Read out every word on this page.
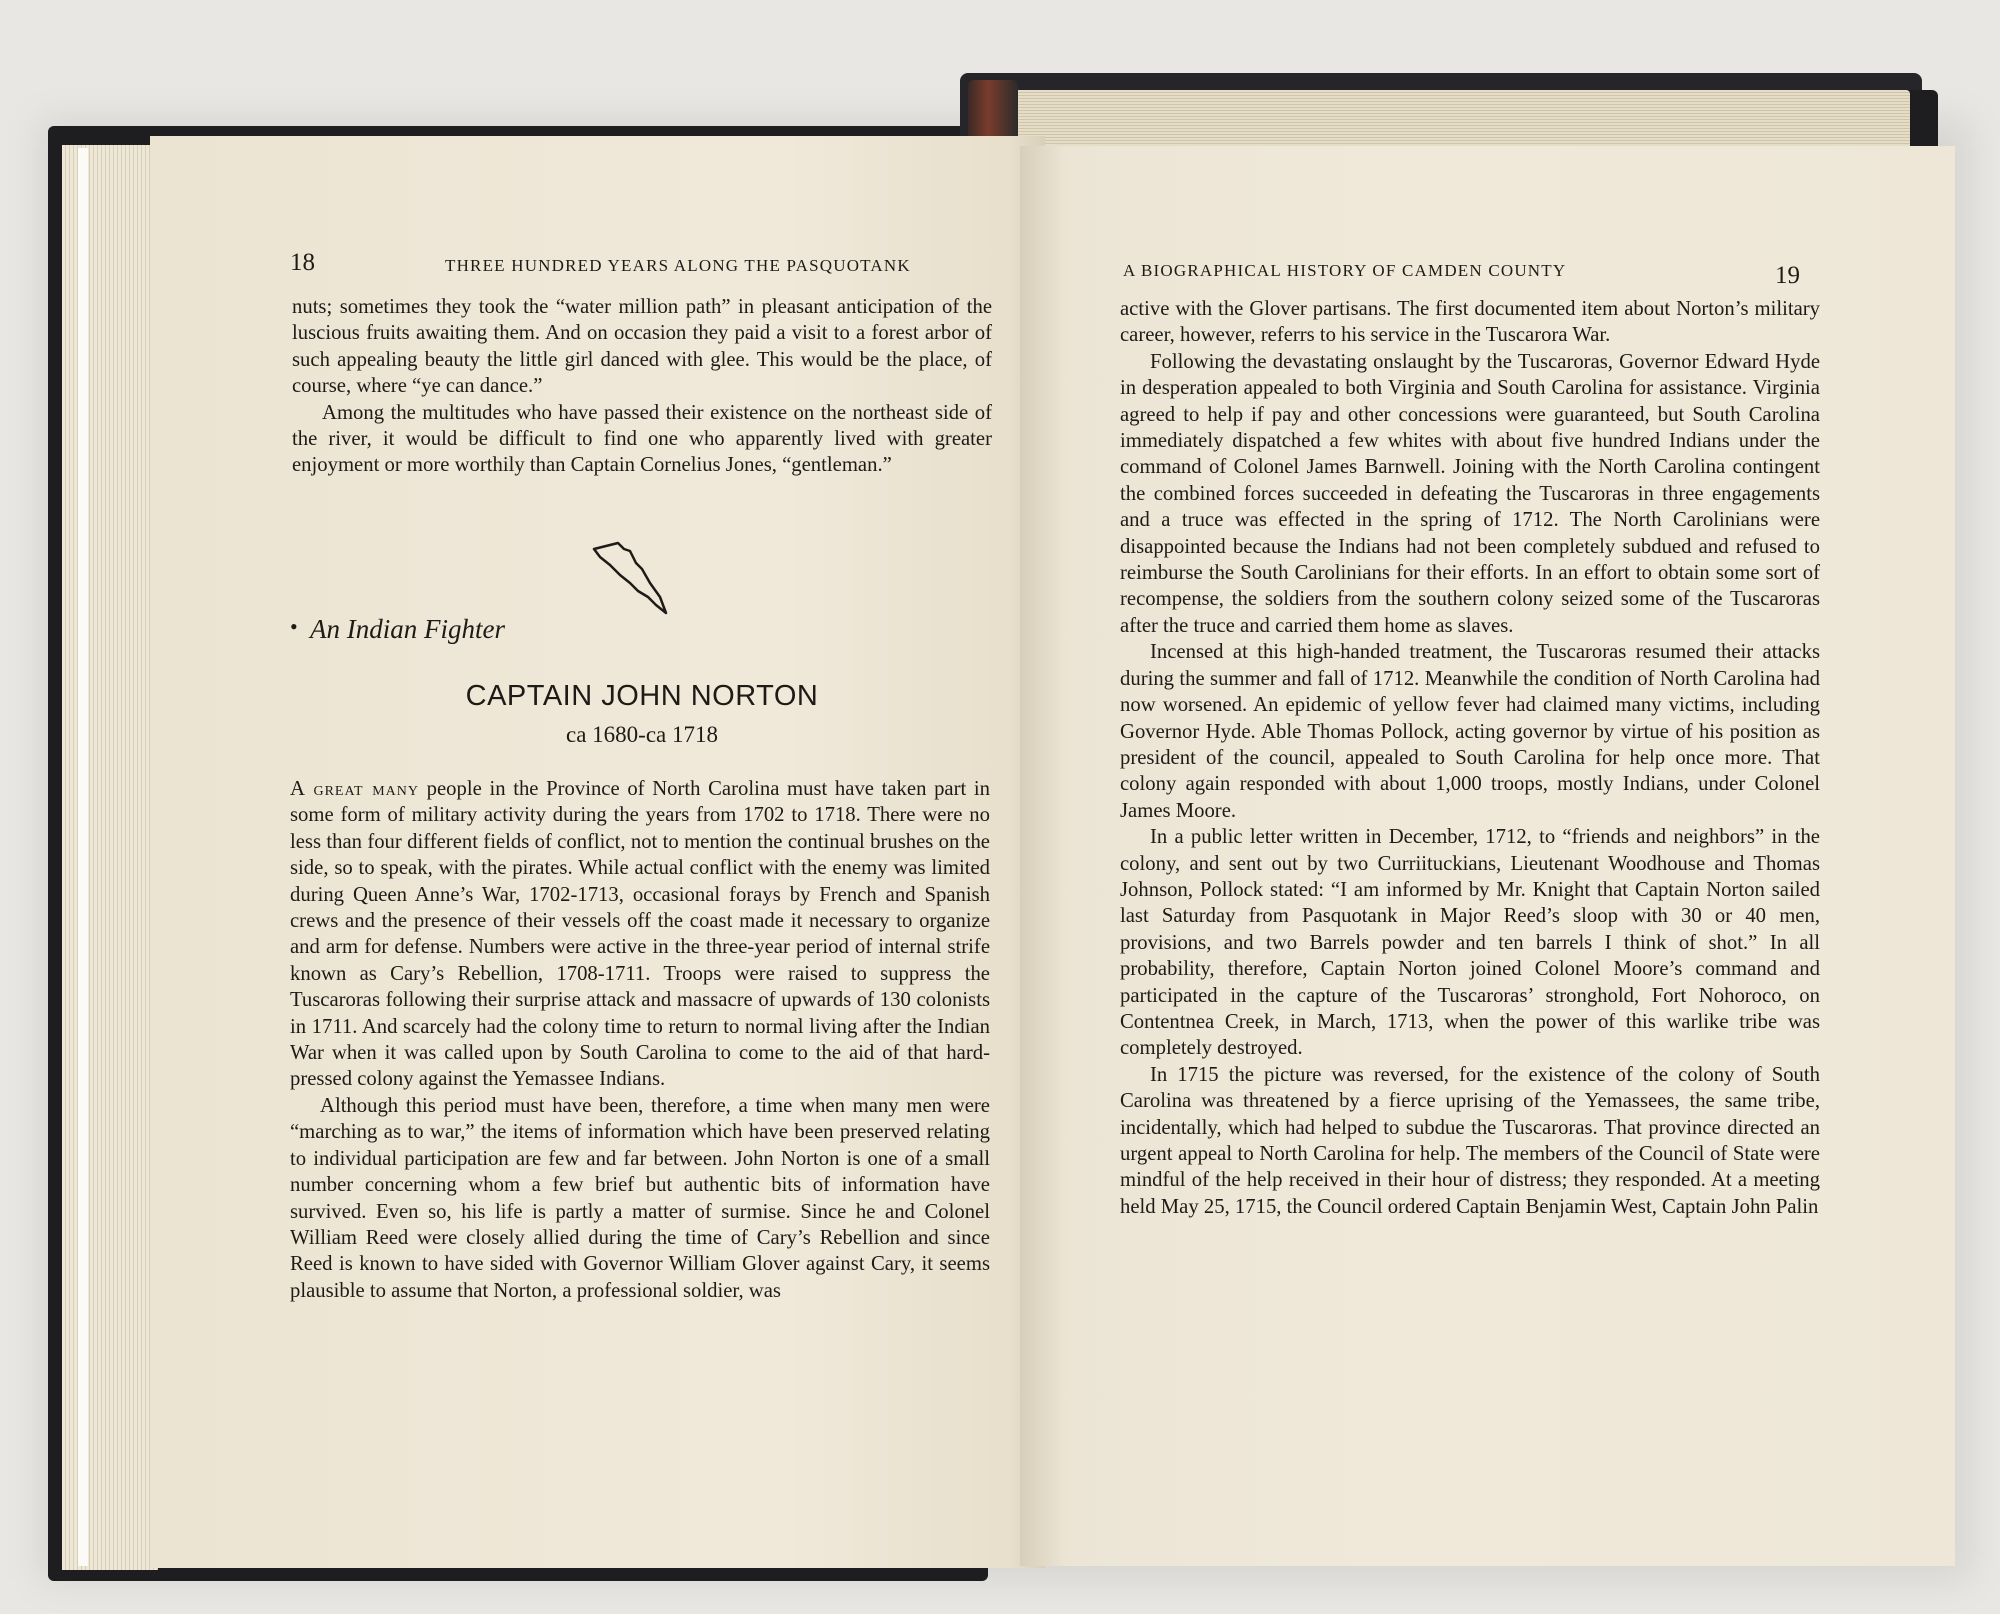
18	THREE HUNDRED YEARS ALONG THE PASQUOTANK

nuts; sometimes they took the “water million path” in pleasant anticipation of the luscious fruits awaiting them. And on occasion they paid a visit to a forest arbor of such appealing beauty the little girl danced with glee. This would be the place, of course, where “ye can dance.”

Among the multitudes who have passed their existence on the northeast side of the river, it would be difficult to find one who apparently lived with greater enjoyment or more worthily than Captain Cornelius Jones, “gentleman.”

• An Indian Fighter
CAPTAIN JOHN NORTON
ca 1680-ca 1718

A great many people in the Province of North Carolina must have taken part in some form of military activity during the years from 1702 to 1718. There were no less than four different fields of conflict, not to mention the continual brushes on the side, so to speak, with the pirates. While actual conflict with the enemy was limited during Queen Anne’s War, 1702-1713, occasional forays by French and Spanish crews and the presence of their vessels off the coast made it necessary to organize and arm for defense. Numbers were active in the three-year period of internal strife known as Cary’s Rebellion, 1708-1711. Troops were raised to suppress the Tuscaroras following their surprise attack and massacre of upwards of 130 colonists in 1711. And scarcely had the colony time to return to normal living after the Indian War when it was called upon by South Carolina to come to the aid of that hard-pressed colony against the Yemassee Indians.

Although this period must have been, therefore, a time when many men were “marching as to war,” the items of information which have been preserved relating to individual participation are few and far between. John Norton is one of a small number concerning whom a few brief but authentic bits of information have survived. Even so, his life is partly a matter of surmise. Since he and Colonel William Reed were closely allied during the time of Cary’s Rebellion and since Reed is known to have sided with Governor William Glover against Cary, it seems plausible to assume that Norton, a professional soldier, was

A BIOGRAPHICAL HISTORY OF CAMDEN COUNTY	19

active with the Glover partisans. The first documented item about Norton’s military career, however, referrs to his service in the Tuscarora War.

Following the devastating onslaught by the Tuscaroras, Governor Edward Hyde in desperation appealed to both Virginia and South Carolina for assistance. Virginia agreed to help if pay and other concessions were guaranteed, but South Carolina immediately dispatched a few whites with about five hundred Indians under the command of Colonel James Barnwell. Joining with the North Carolina contingent the combined forces succeeded in defeating the Tuscaroras in three engagements and a truce was effected in the spring of 1712. The North Carolinians were disappointed because the Indians had not been completely subdued and refused to reimburse the South Carolinians for their efforts. In an effort to obtain some sort of recompense, the soldiers from the southern colony seized some of the Tuscaroras after the truce and carried them home as slaves.

Incensed at this high-handed treatment, the Tuscaroras resumed their attacks during the summer and fall of 1712. Meanwhile the condition of North Carolina had now worsened. An epidemic of yellow fever had claimed many victims, including Governor Hyde. Able Thomas Pollock, acting governor by virtue of his position as president of the council, appealed to South Carolina for help once more. That colony again responded with about 1,000 troops, mostly Indians, under Colonel James Moore.

In a public letter written in December, 1712, to “friends and neighbors” in the colony, and sent out by two Curriituckians, Lieutenant Woodhouse and Thomas Johnson, Pollock stated: “I am informed by Mr. Knight that Captain Norton sailed last Saturday from Pasquotank in Major Reed’s sloop with 30 or 40 men, provisions, and two Barrels powder and ten barrels I think of shot.” In all probability, therefore, Captain Norton joined Colonel Moore’s command and participated in the capture of the Tuscaroras’ stronghold, Fort Nohoroco, on Contentnea Creek, in March, 1713, when the power of this warlike tribe was completely destroyed.

In 1715 the picture was reversed, for the existence of the colony of South Carolina was threatened by a fierce uprising of the Yemassees, the same tribe, incidentally, which had helped to subdue the Tuscaroras. That province directed an urgent appeal to North Carolina for help. The members of the Council of State were mindful of the help received in their hour of distress; they responded. At a meeting held May 25, 1715, the Council ordered Captain Benjamin West, Captain John Palin
